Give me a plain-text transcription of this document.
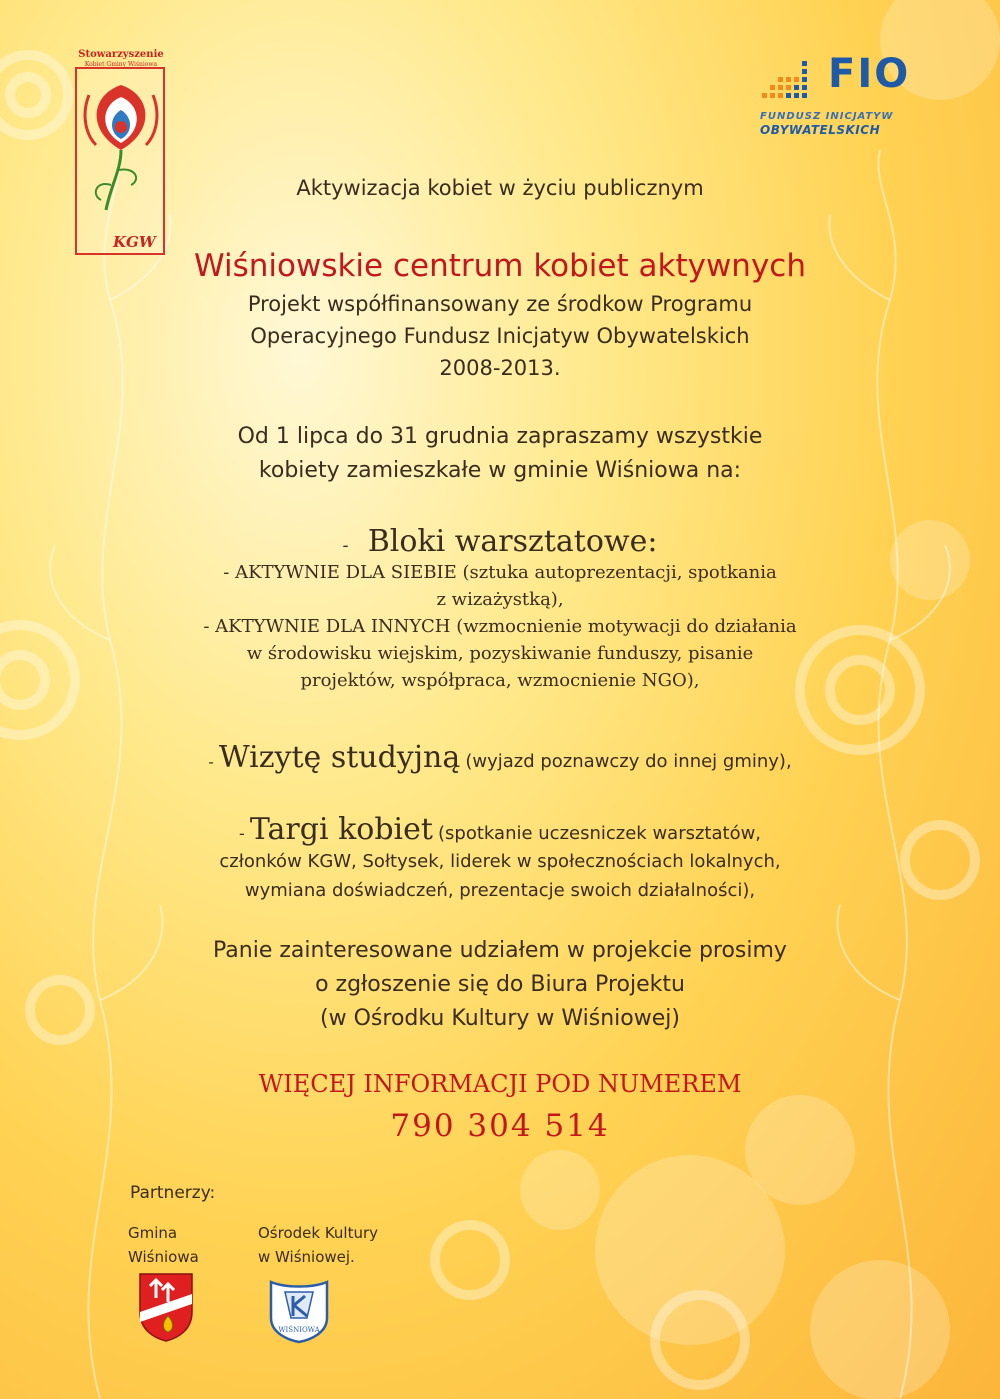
Stowarzyszenie
Kobiet Gminy Wiśniowa
KGW
FIO
FUNDUSZ INICJATYW
OBYWATELSKICH
Aktywizacja kobiet w życiu publicznym
Wiśniowskie centrum kobiet aktywnych
Projekt współfinansowany ze środkow Programu
Operacyjnego Fundusz Inicjatyw Obywatelskich
2008-2013.
Od 1 lipca do 31 grudnia zapraszamy wszystkie
kobiety zamieszkałe w gminie Wiśniowa na:
- Bloki warsztatowe:
- AKTYWNIE DLA SIEBIE (sztuka autoprezentacji, spotkania
z wizażystką),
- AKTYWNIE DLA INNYCH (wzmocnienie motywacji do działania
w środowisku wiejskim, pozyskiwanie funduszy, pisanie
projektów, współpraca, wzmocnienie NGO),
- Wizytę studyjną (wyjazd poznawczy do innej gminy),
- Targi kobiet (spotkanie uczesniczek warsztatów,
członków KGW, Sołtysek, liderek w społecznościach lokalnych,
wymiana doświadczeń, prezentacje swoich działalności),
Panie zainteresowane udziałem w projekcie prosimy
o zgłoszenie się do Biura Projektu
(w Ośrodku Kultury w Wiśniowej)
WIĘCEJ INFORMACJI POD NUMEREM
790 304 514
Partnerzy:
Gmina
Wiśniowa
Ośrodek Kultury
w Wiśniowej.
WIŚNIOWA
